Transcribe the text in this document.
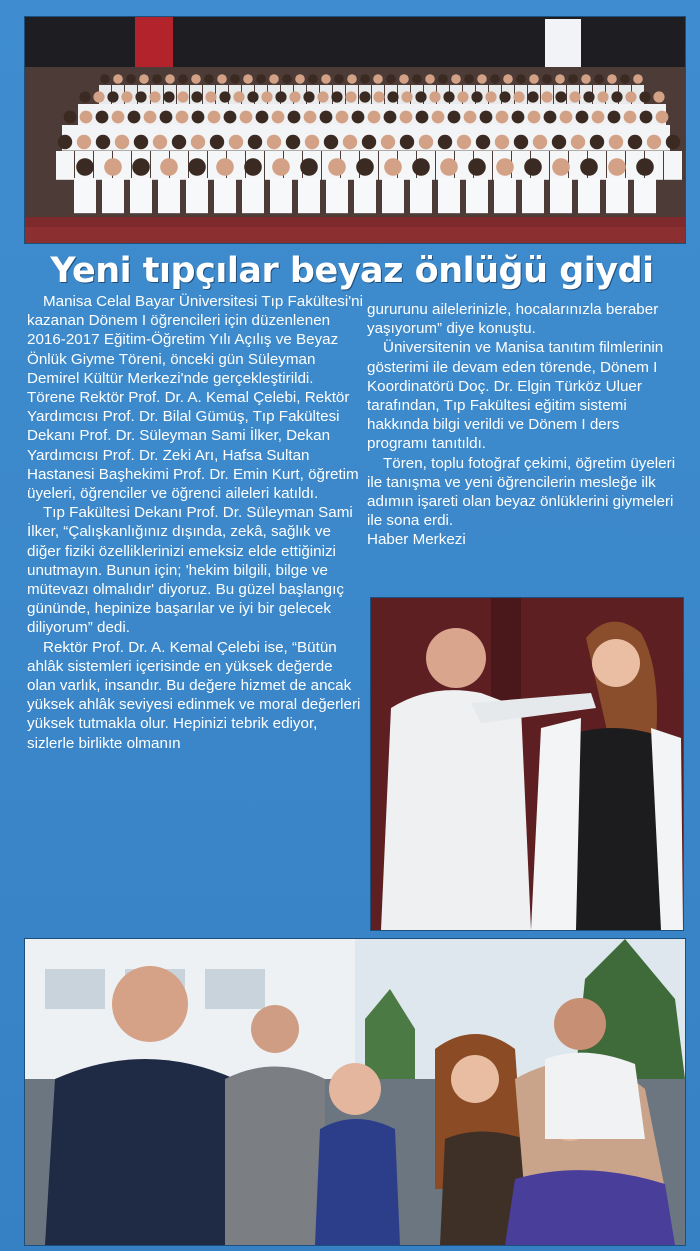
Yeni tıpçılar beyaz önlüğü giydi

Manisa Celal Bayar Üniversitesi Tıp Fakültesi'ni kazanan Dönem I öğrencileri için düzenlenen 2016-2017 Eğitim-Öğretim Yılı Açılış ve Beyaz Önlük Giyme Töreni, önceki gün Süleyman Demirel Kültür Merkezi'nde gerçekleştirildi. Törene Rektör Prof. Dr. A. Kemal Çelebi, Rektör Yardımcısı Prof. Dr. Bilal Gümüş, Tıp Fakültesi Dekanı Prof. Dr. Süleyman Sami İlker, Dekan Yardımcısı Prof. Dr. Zeki Arı, Hafsa Sultan Hastanesi Başhekimi Prof. Dr. Emin Kurt, öğretim üyeleri, öğrenciler ve öğrenci aileleri katıldı.

Tıp Fakültesi Dekanı Prof. Dr. Süleyman Sami İlker, “Çalışkanlığınız dışında, zekâ, sağlık ve diğer fiziki özelliklerinizi emeksiz elde ettiğinizi unutmayın. Bunun için; 'hekim bilgili, bilge ve mütevazı olmalıdır' diyoruz. Bu güzel başlangıç gününde, hepinize başarılar ve iyi bir gelecek diliyorum” dedi.

Rektör Prof. Dr. A. Kemal Çelebi ise, “Bütün ahlâk sistemleri içerisinde en yüksek değerde olan varlık, insandır. Bu değere hizmet de ancak yüksek ahlâk seviyesi edinmek ve moral değerleri yüksek tutmakla olur. Hepinizi tebrik ediyor, sizlerle birlikte olmanın

gururunu ailelerinizle, hocalarınızla beraber yaşıyorum” diye konuştu.

Üniversitenin ve Manisa tanıtım filmlerinin gösterimi ile devam eden törende, Dönem I Koordinatörü Doç. Dr. Elgin Türköz Uluer tarafından, Tıp Fakültesi eğitim sistemi hakkında bilgi verildi ve Dönem I ders programı tanıtıldı.

Tören, toplu fotoğraf çekimi, öğretim üyeleri ile tanışma ve yeni öğrencilerin mesleğe ilk adımın işareti olan beyaz önlüklerini giymeleri ile sona erdi.

Haber Merkezi
